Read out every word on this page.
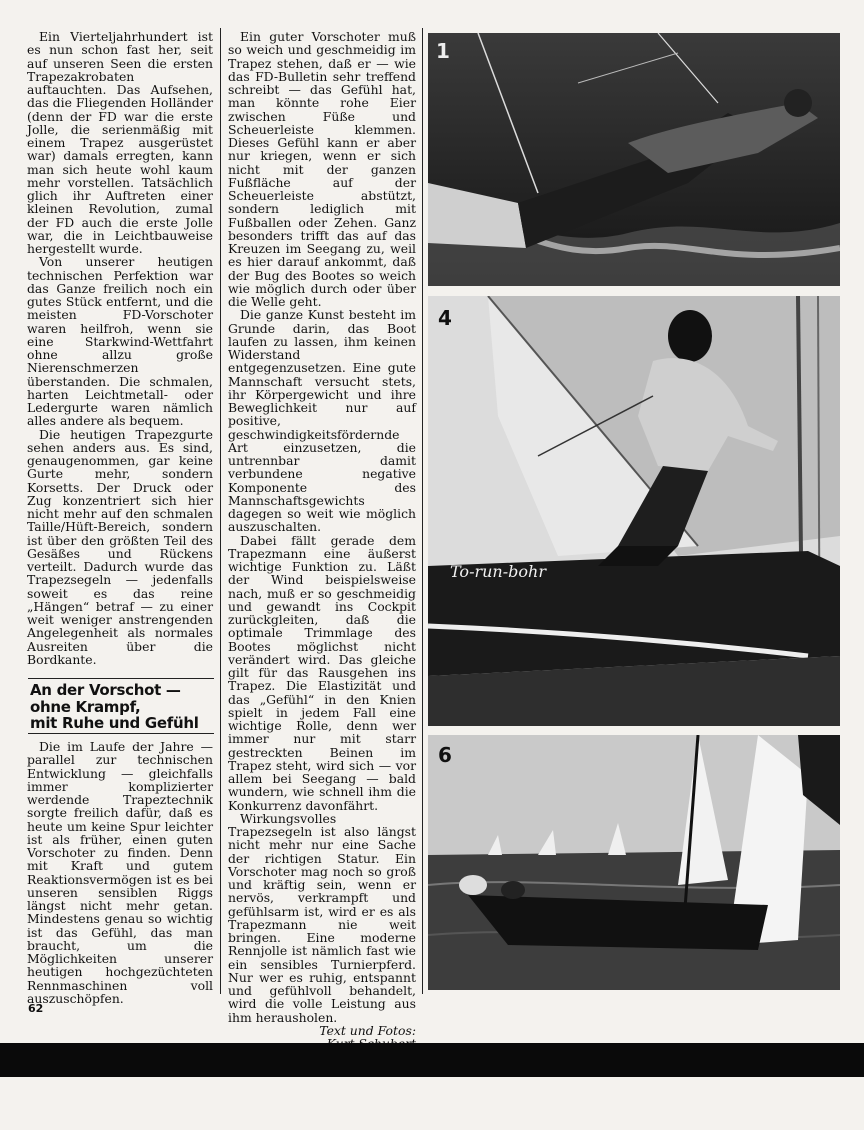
Ein Vierteljahrhundert ist es nun schon fast her, seit auf unseren Seen die ersten Trapezakrobaten auftauchten. Das Aufsehen, das die Fliegenden Holländer (denn der FD war die erste Jolle, die serienmäßig mit einem Trapez ausgerüstet war) damals erregten, kann man sich heute wohl kaum mehr vorstellen. Tatsächlich glich ihr Auftreten einer kleinen Revolution, zumal der FD auch die erste Jolle war, die in Leichtbauweise hergestellt wurde.

Von unserer heutigen technischen Perfektion war das Ganze freilich noch ein gutes Stück entfernt, und die meisten FD-Vorschoter waren heilfroh, wenn sie eine Starkwind-Wettfahrt ohne allzu große Nierenschmerzen überstanden. Die schmalen, harten Leichtmetall- oder Ledergurte waren nämlich alles andere als bequem.

Die heutigen Trapezgurte sehen anders aus. Es sind, genaugenommen, gar keine Gurte mehr, sondern Korsetts. Der Druck oder Zug konzentriert sich hier nicht mehr auf den schmalen Taille/Hüft-Bereich, sondern ist über den größten Teil des Gesäßes und Rückens verteilt. Dadurch wurde das Trapezsegeln — jedenfalls soweit es das reine „Hängen“ betraf — zu einer weit weniger anstrengenden Angelegenheit als normales Ausreiten über die Bordkante.

An der Vorschot —
ohne Krampf,
mit Ruhe und Gefühl

Die im Laufe der Jahre — parallel zur technischen Entwicklung — gleichfalls immer komplizierter werdende Trapeztechnik sorgte freilich dafür, daß es heute um keine Spur leichter ist als früher, einen guten Vorschoter zu finden. Denn mit Kraft und gutem Reaktionsvermögen ist es bei unseren sensiblen Riggs längst nicht mehr getan. Mindestens genau so wichtig ist das Gefühl, das man braucht, um die Möglichkeiten unserer heutigen hochgezüchteten Rennmaschinen voll auszuschöpfen.

Ein guter Vorschoter muß so weich und geschmeidig im Trapez stehen, daß er — wie das FD-Bulletin sehr treffend schreibt — das Gefühl hat, man könnte rohe Eier zwischen Füße und Scheuerleiste klemmen. Dieses Gefühl kann er aber nur kriegen, wenn er sich nicht mit der ganzen Fußfläche auf der Scheuerleiste abstützt, sondern lediglich mit Fußballen oder Zehen. Ganz besonders trifft das auf das Kreuzen im Seegang zu, weil es hier darauf ankommt, daß der Bug des Bootes so weich wie möglich durch oder über die Welle geht.

Die ganze Kunst besteht im Grunde darin, das Boot laufen zu lassen, ihm keinen Widerstand entgegenzusetzen. Eine gute Mannschaft versucht stets, ihr Körpergewicht und ihre Beweglichkeit nur auf positive, geschwindigkeitsfördernde Art einzusetzen, die untrennbar damit verbundene negative Komponente des Mannschaftsgewichts dagegen so weit wie möglich auszuschalten.

Dabei fällt gerade dem Trapezmann eine äußerst wichtige Funktion zu. Läßt der Wind beispielsweise nach, muß er so geschmeidig und gewandt ins Cockpit zurückgleiten, daß die optimale Trimmlage des Bootes möglichst nicht verändert wird. Das gleiche gilt für das Rausgehen ins Trapez. Die Elastizität und das „Gefühl“ in den Knien spielt in jedem Fall eine wichtige Rolle, denn wer immer nur mit starr gestreckten Beinen im Trapez steht, wird sich — vor allem bei Seegang — bald wundern, wie schnell ihm die Konkurrenz davonfährt.

Wirkungsvolles Trapezsegeln ist also längst nicht mehr nur eine Sache der richtigen Statur. Ein Vorschoter mag noch so groß und kräftig sein, wenn er nervös, verkrampft und gefühlsarm ist, wird er es als Trapezmann nie weit bringen. Eine moderne Rennjolle ist nämlich fast wie ein sensibles Turnierpferd. Nur wer es ruhig, entspannt und gefühlvoll behandelt, wird die volle Leistung aus ihm herausholen.

Text und Fotos:
1
4
To-run-bohr
6
62
